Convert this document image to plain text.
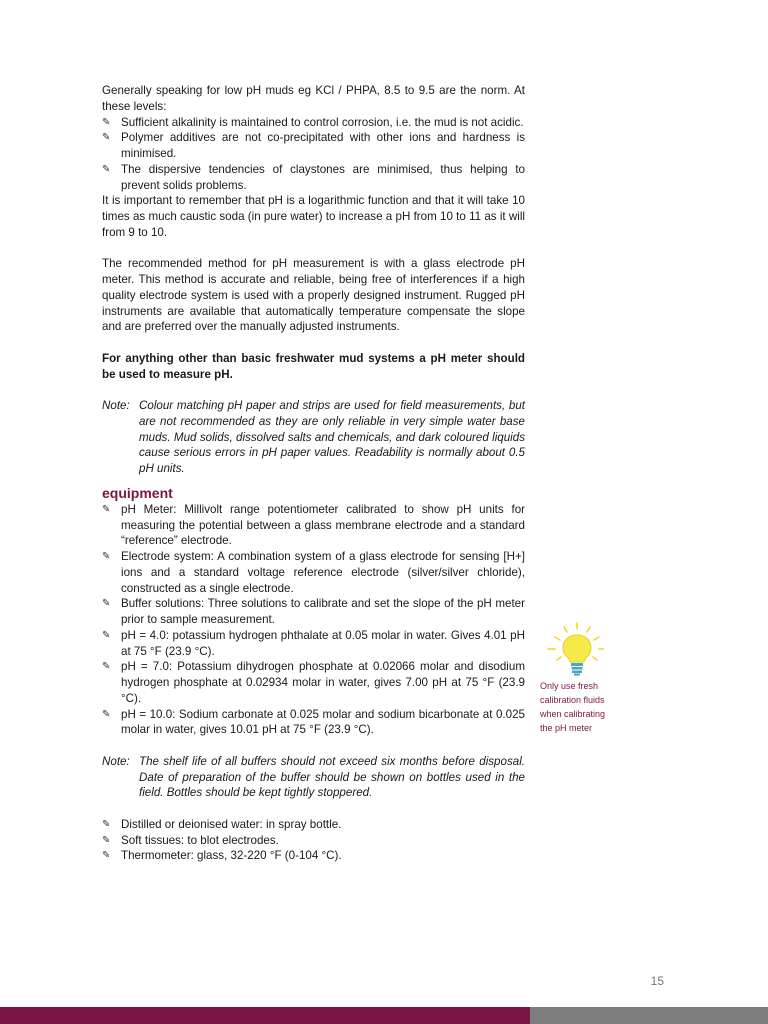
Generally speaking for low pH muds eg KCl / PHPA, 8.5 to 9.5 are the norm. At these levels:

✎ Sufficient alkalinity is maintained to control corrosion, i.e. the mud is not acidic.
✎ Polymer additives are not co-precipitated with other ions and hardness is minimised.
✎ The dispersive tendencies of claystones are minimised, thus helping to prevent solids problems.

It is important to remember that pH is a logarithmic function and that it will take 10 times as much caustic soda (in pure water) to increase a pH from 10 to 11 as it will from 9 to 10.

The recommended method for pH measurement is with a glass electrode pH meter. This method is accurate and reliable, being free of interferences if a high quality electrode system is used with a properly designed instrument. Rugged pH instruments are available that automatically temperature compensate the slope and are preferred over the manually adjusted instruments.

For anything other than basic freshwater mud systems a pH meter should be used to measure pH.

Note: Colour matching pH paper and strips are used for field measurements, but are not recommended as they are only reliable in very simple water base muds. Mud solids, dissolved salts and chemicals, and dark coloured liquids cause serious errors in pH paper values. Readability is normally about 0.5 pH units.
equipment
✎ pH Meter: Millivolt range potentiometer calibrated to show pH units for measuring the potential between a glass membrane electrode and a standard “reference” electrode.
✎ Electrode system: A combination system of a glass electrode for sensing [H+] ions and a standard voltage reference electrode (silver/silver chloride), constructed as a single electrode.
✎ Buffer solutions: Three solutions to calibrate and set the slope of the pH meter prior to sample measurement.
✎ pH = 4.0: potassium hydrogen phthalate at 0.05 molar in water. Gives 4.01 pH at 75 °F (23.9 °C).
✎ pH = 7.0: Potassium dihydrogen phosphate at 0.02066 molar and disodium hydrogen phosphate at 0.02934 molar in water, gives 7.00 pH at 75 °F (23.9 °C).
✎ pH = 10.0: Sodium carbonate at 0.025 molar and sodium bicarbonate at 0.025 molar in water, gives 10.01 pH at 75 °F (23.9 °C).
Note: The shelf life of all buffers should not exceed six months before disposal. Date of preparation of the buffer should be shown on bottles used in the field. Bottles should be kept tightly stoppered.
✎ Distilled or deionised water: in spray bottle.
✎ Soft tissues: to blot electrodes.
✎ Thermometer: glass, 32-220 °F (0-104 °C).
Only use fresh
calibration fluids
when calibrating
the pH meter
15
